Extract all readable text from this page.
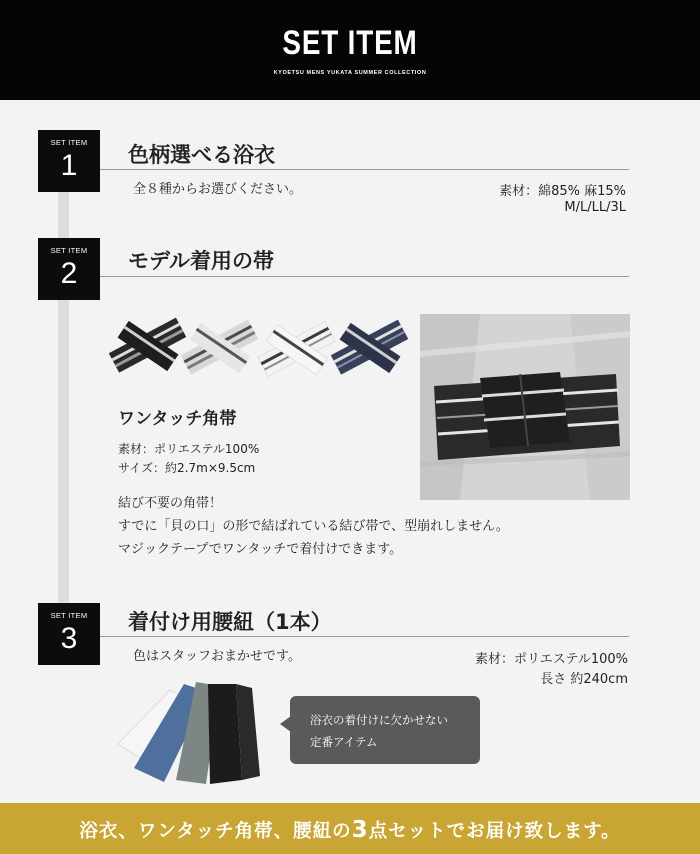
SET ITEM
KYOETSU MENS YUKATA SUMMER COLLECTION
SET ITEM
1	色柄選べる浴衣
全８種からお選びください。	素材：綿85% 麻15%
M/L/LL/3L
SET ITEM
2	モデル着用の帯
ワンタッチ角帯
素材：ポリエステル100%
サイズ：約2.7m×9.5cm
結び不要の角帯！
すでに「貝の口」の形で結ばれている結び帯で、型崩れしません。
マジックテープでワンタッチで着付けできます。
SET ITEM
3	着付け用腰紐（1本）
色はスタッフおまかせです。	素材：ポリエステル100%
長さ 約240cm
浴衣の着付けに欠かせない
定番アイテム
浴衣、ワンタッチ角帯、腰紐の3点セットでお届け致します。
